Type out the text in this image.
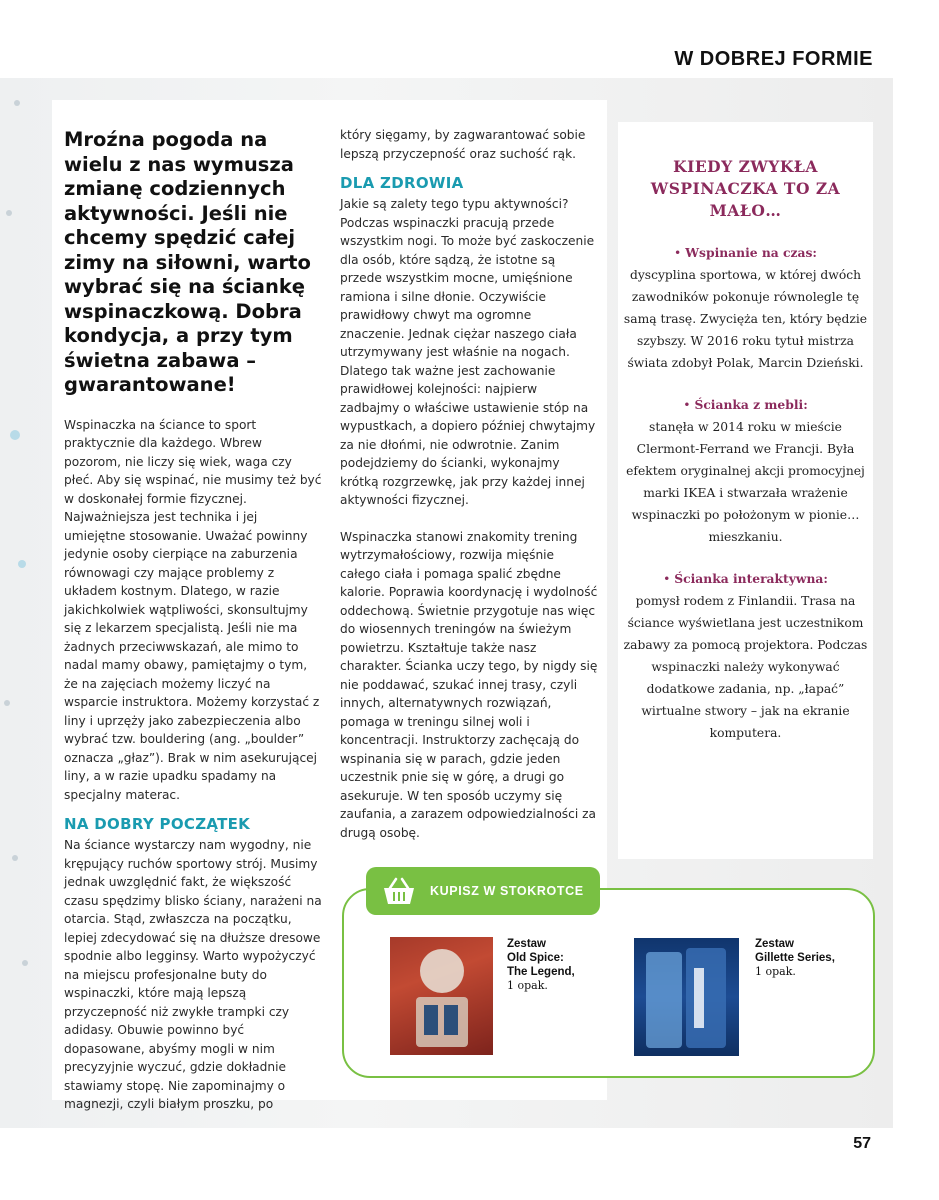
W DOBREJ FORMIE

Mroźna pogoda na wielu z nas wymusza zmianę codziennych aktywności. Jeśli nie chcemy spędzić całej zimy na siłowni, warto wybrać się na ściankę wspinaczkową. Dobra kondycja, a przy tym świetna zabawa – gwarantowane!

Wspinaczka na ściance to sport praktycznie dla każdego. Wbrew pozorom, nie liczy się wiek, waga czy płeć. Aby się wspinać, nie musimy też być w doskonałej formie fizycznej. Najważniejsza jest technika i jej umiejętne stosowanie. Uważać powinny jedynie osoby cierpiące na zaburzenia równowagi czy mające problemy z układem kostnym. Dlatego, w razie jakichkolwiek wątpliwości, skonsultujmy się z lekarzem specjalistą. Jeśli nie ma żadnych przeciwwskazań, ale mimo to nadal mamy obawy, pamiętajmy o tym, że na zajęciach możemy liczyć na wsparcie instruktora. Możemy korzystać z liny i uprzęży jako zabezpieczenia albo wybrać tzw. bouldering (ang. „boulder” oznacza „głaz”). Brak w nim asekurującej liny, a w razie upadku spadamy na specjalny materac.

NA DOBRY POCZĄTEK

Na ściance wystarczy nam wygodny, nie krępujący ruchów sportowy strój. Musimy jednak uwzględnić fakt, że większość czasu spędzimy blisko ściany, narażeni na otarcia. Stąd, zwłaszcza na początku, lepiej zdecydować się na dłuższe dresowe spodnie albo legginsy. Warto wypożyczyć na miejscu profesjonalne buty do wspinaczki, które mają lepszą przyczepność niż zwykłe trampki czy adidasy. Obuwie powinno być dopasowane, abyśmy mogli w nim precyzyjnie wyczuć, gdzie dokładnie stawiamy stopę. Nie zapominajmy o magnezji, czyli białym proszku, po

który sięgamy, by zagwarantować sobie lepszą przyczepność oraz suchość rąk.

DLA ZDROWIA

Jakie są zalety tego typu aktywności? Podczas wspinaczki pracują przede wszystkim nogi. To może być zaskoczenie dla osób, które sądzą, że istotne są przede wszystkim mocne, umięśnione ramiona i silne dłonie. Oczywiście prawidłowy chwyt ma ogromne znaczenie. Jednak ciężar naszego ciała utrzymywany jest właśnie na nogach. Dlatego tak ważne jest zachowanie prawidłowej kolejności: najpierw zadbajmy o właściwe ustawienie stóp na wypustkach, a dopiero później chwytajmy za nie dłońmi, nie odwrotnie. Zanim podejdziemy do ścianki, wykonajmy krótką rozgrzewkę, jak przy każdej innej aktywności fizycznej.

Wspinaczka stanowi znakomity trening wytrzymałościowy, rozwija mięśnie całego ciała i pomaga spalić zbędne kalorie. Poprawia koordynację i wydolność oddechową. Świetnie przygotuje nas więc do wiosennych treningów na świeżym powietrzu. Kształtuje także nasz charakter. Ścianka uczy tego, by nigdy się nie poddawać, szukać innej trasy, czyli innych, alternatywnych rozwiązań, pomaga w treningu silnej woli i koncentracji. Instruktorzy zachęcają do wspinania się w parach, gdzie jeden uczestnik pnie się w górę, a drugi go asekuruje. W ten sposób uczymy się zaufania, a zarazem odpowiedzialności za drugą osobę.

KIEDY ZWYKŁA WSPINACZKA TO ZA MAŁO…
• Wspinanie na czas:
dyscyplina sportowa, w której dwóch zawodników pokonuje równolegle tę samą trasę. Zwycięża ten, który będzie szybszy. W 2016 roku tytuł mistrza świata zdobył Polak, Marcin Dzieński.
• Ścianka z mebli:
stanęła w 2014 roku w mieście Clermont-Ferrand we Francji. Była efektem oryginalnej akcji promocyjnej marki IKEA i stwarzała wrażenie wspinaczki po położonym w pionie… mieszkaniu.
• Ścianka interaktywna:
pomysł rodem z Finlandii. Trasa na ściance wyświetlana jest uczestnikom zabawy za pomocą projektora. Podczas wspinaczki należy wykonywać dodatkowe zadania, np. „łapać” wirtualne stwory – jak na ekranie komputera.
KUPISZ W STOKROTCE
Zestaw
Old Spice:
The Legend,
1 opak.
Zestaw
Gillette Series,
1 opak.
57
